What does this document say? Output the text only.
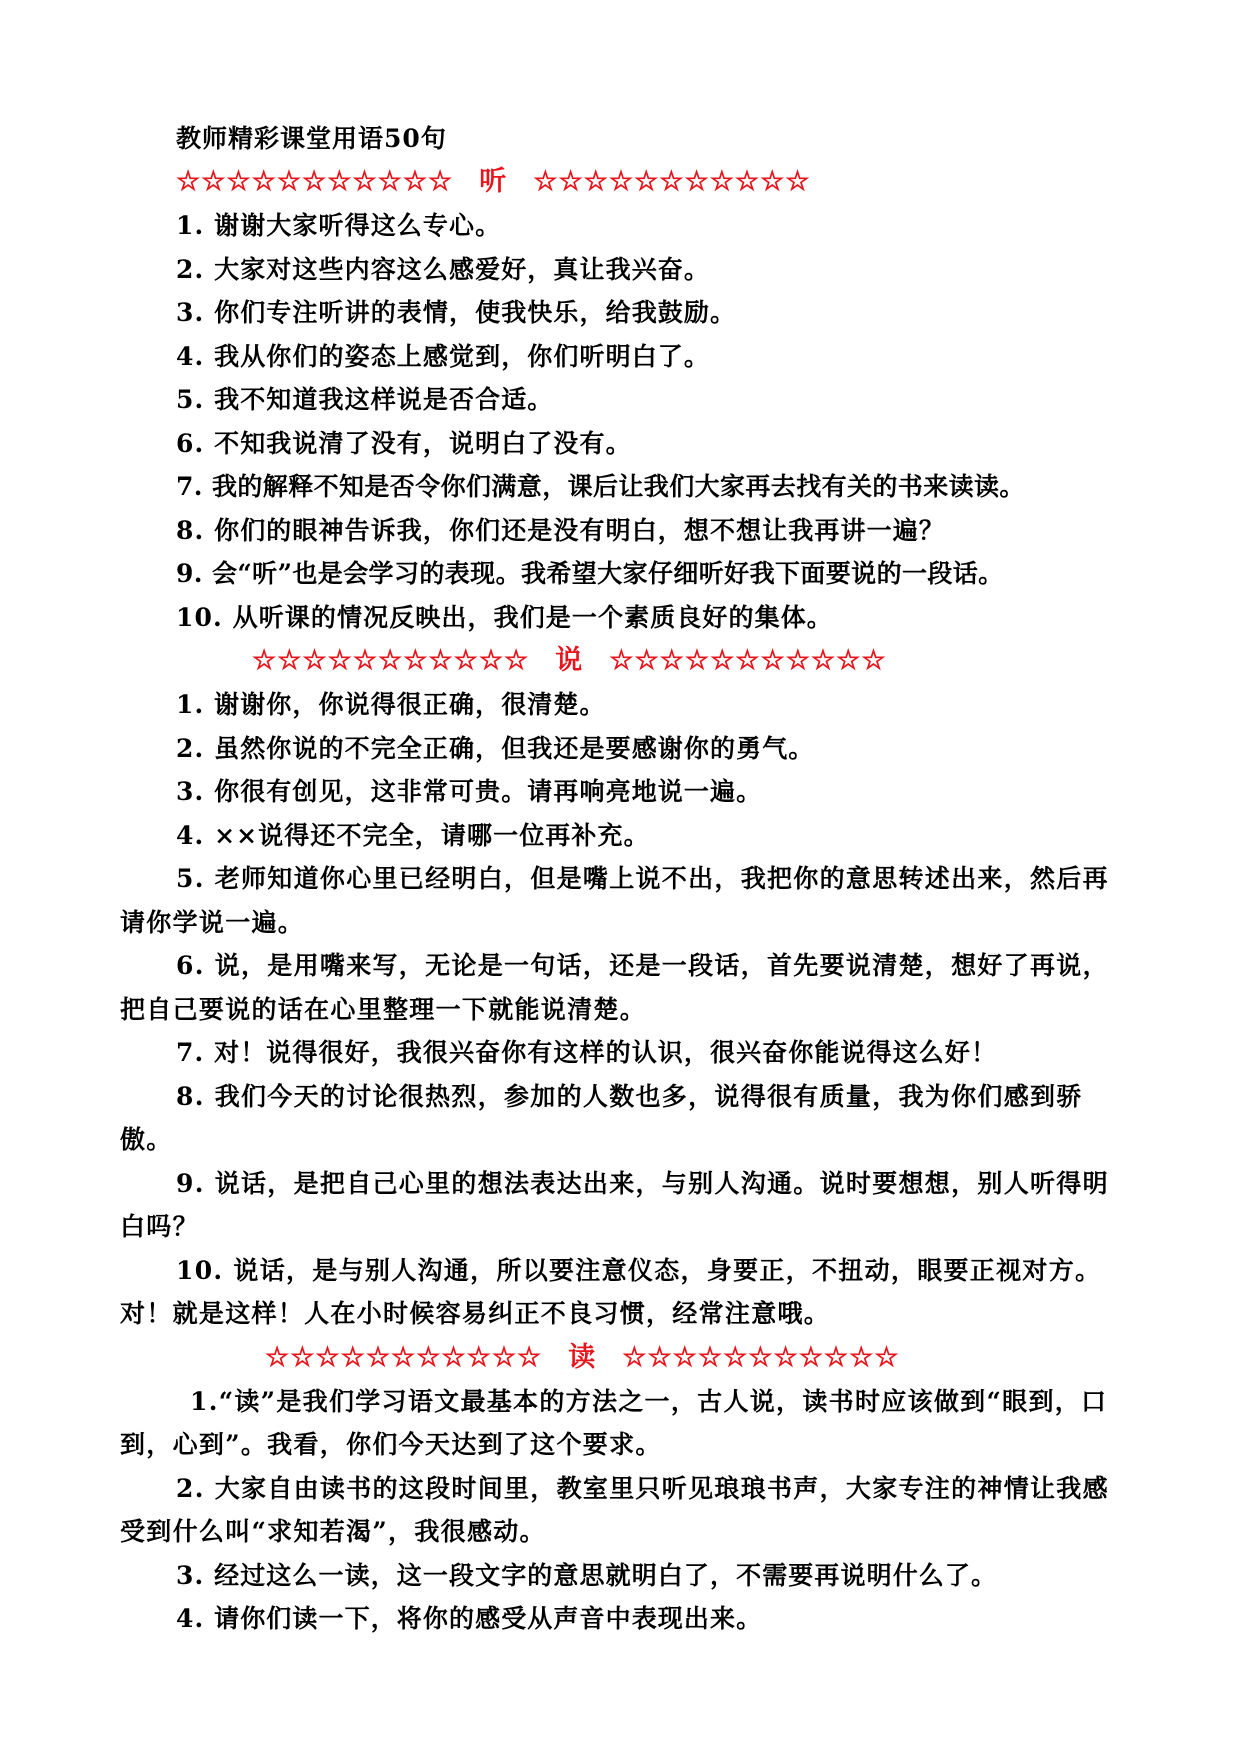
教师精彩课堂用语50句
☆☆☆☆☆☆☆☆☆☆☆ 听 ☆☆☆☆☆☆☆☆☆☆☆
1. 谢谢大家听得这么专心。
2. 大家对这些内容这么感爱好，真让我兴奋。
3. 你们专注听讲的表情，使我快乐，给我鼓励。
4. 我从你们的姿态上感觉到，你们听明白了。
5. 我不知道我这样说是否合适。
6. 不知我说清了没有，说明白了没有。
7. 我的解释不知是否令你们满意，课后让我们大家再去找有关的书来读读。
8. 你们的眼神告诉我，你们还是没有明白，想不想让我再讲一遍？
9. 会“听”也是会学习的表现。我希望大家仔细听好我下面要说的一段话。
10. 从听课的情况反映出，我们是一个素质良好的集体。
☆☆☆☆☆☆☆☆☆☆☆ 说 ☆☆☆☆☆☆☆☆☆☆☆
1. 谢谢你，你说得很正确，很清楚。
2. 虽然你说的不完全正确，但我还是要感谢你的勇气。
3. 你很有创见，这非常可贵。请再响亮地说一遍。
4. ××说得还不完全，请哪一位再补充。
5. 老师知道你心里已经明白，但是嘴上说不出，我把你的意思转述出来，然后再请你学说一遍。
6. 说，是用嘴来写，无论是一句话，还是一段话，首先要说清楚，想好了再说，把自己要说的话在心里整理一下就能说清楚。
7. 对！说得很好，我很兴奋你有这样的认识，很兴奋你能说得这么好！
8. 我们今天的讨论很热烈，参加的人数也多，说得很有质量，我为你们感到骄傲。
9. 说话，是把自己心里的想法表达出来，与别人沟通。说时要想想，别人听得明白吗？
10. 说话，是与别人沟通，所以要注意仪态，身要正，不扭动，眼要正视对方。对！就是这样！人在小时候容易纠正不良习惯，经常注意哦。
☆☆☆☆☆☆☆☆☆☆☆ 读 ☆☆☆☆☆☆☆☆☆☆☆
1.“读”是我们学习语文最基本的方法之一，古人说，读书时应该做到“眼到，口到，心到”。我看，你们今天达到了这个要求。
2. 大家自由读书的这段时间里，教室里只听见琅琅书声，大家专注的神情让我感受到什么叫“求知若渴”，我很感动。
3. 经过这么一读，这一段文字的意思就明白了，不需要再说明什么了。
4. 请你们读一下，将你的感受从声音中表现出来。
